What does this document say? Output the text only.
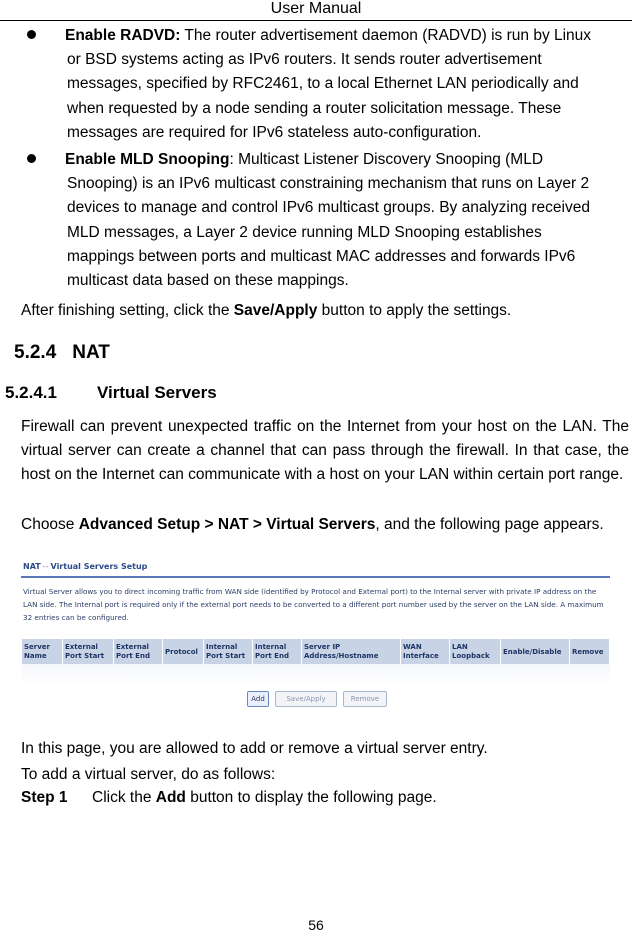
User Manual
Enable RADVD: The router advertisement daemon (RADVD) is run by Linux
or BSD systems acting as IPv6 routers. It sends router advertisement
messages, specified by RFC2461, to a local Ethernet LAN periodically and
when requested by a node sending a router solicitation message. These
messages are required for IPv6 stateless auto-configuration.
Enable MLD Snooping: Multicast Listener Discovery Snooping (MLD
Snooping) is an IPv6 multicast constraining mechanism that runs on Layer 2
devices to manage and control IPv6 multicast groups. By analyzing received
MLD messages, a Layer 2 device running MLD Snooping establishes
mappings between ports and multicast MAC addresses and forwards IPv6
multicast data based on these mappings.
After finishing setting, click the Save/Apply button to apply the settings.
5.2.4 NAT
5.2.4.1 Virtual Servers
Firewall can prevent unexpected traffic on the Internet from your host on the LAN. The virtual server can create a channel that can pass through the firewall. In that case, the host on the Internet can communicate with a host on your LAN within certain port range.
Choose Advanced Setup > NAT > Virtual Servers, and the following page appears.
NAT -- Virtual Servers Setup
Virtual Server allows you to direct incoming traffic from WAN side (identified by Protocol and External port) to the Internal server with private IP address on the LAN side. The Internal port is required only if the external port needs to be converted to a different port number used by the server on the LAN side. A maximum 32 entries can be configured.
Server Name	External Port Start	External Port End	Protocol	Internal Port Start	Internal Port End	Server IP Address/Hostname	WAN Interface	LAN Loopback	Enable/Disable	Remove
Add	Save/Apply	Remove
In this page, you are allowed to add or remove a virtual server entry.
To add a virtual server, do as follows:
Step 1 Click the Add button to display the following page.
56
